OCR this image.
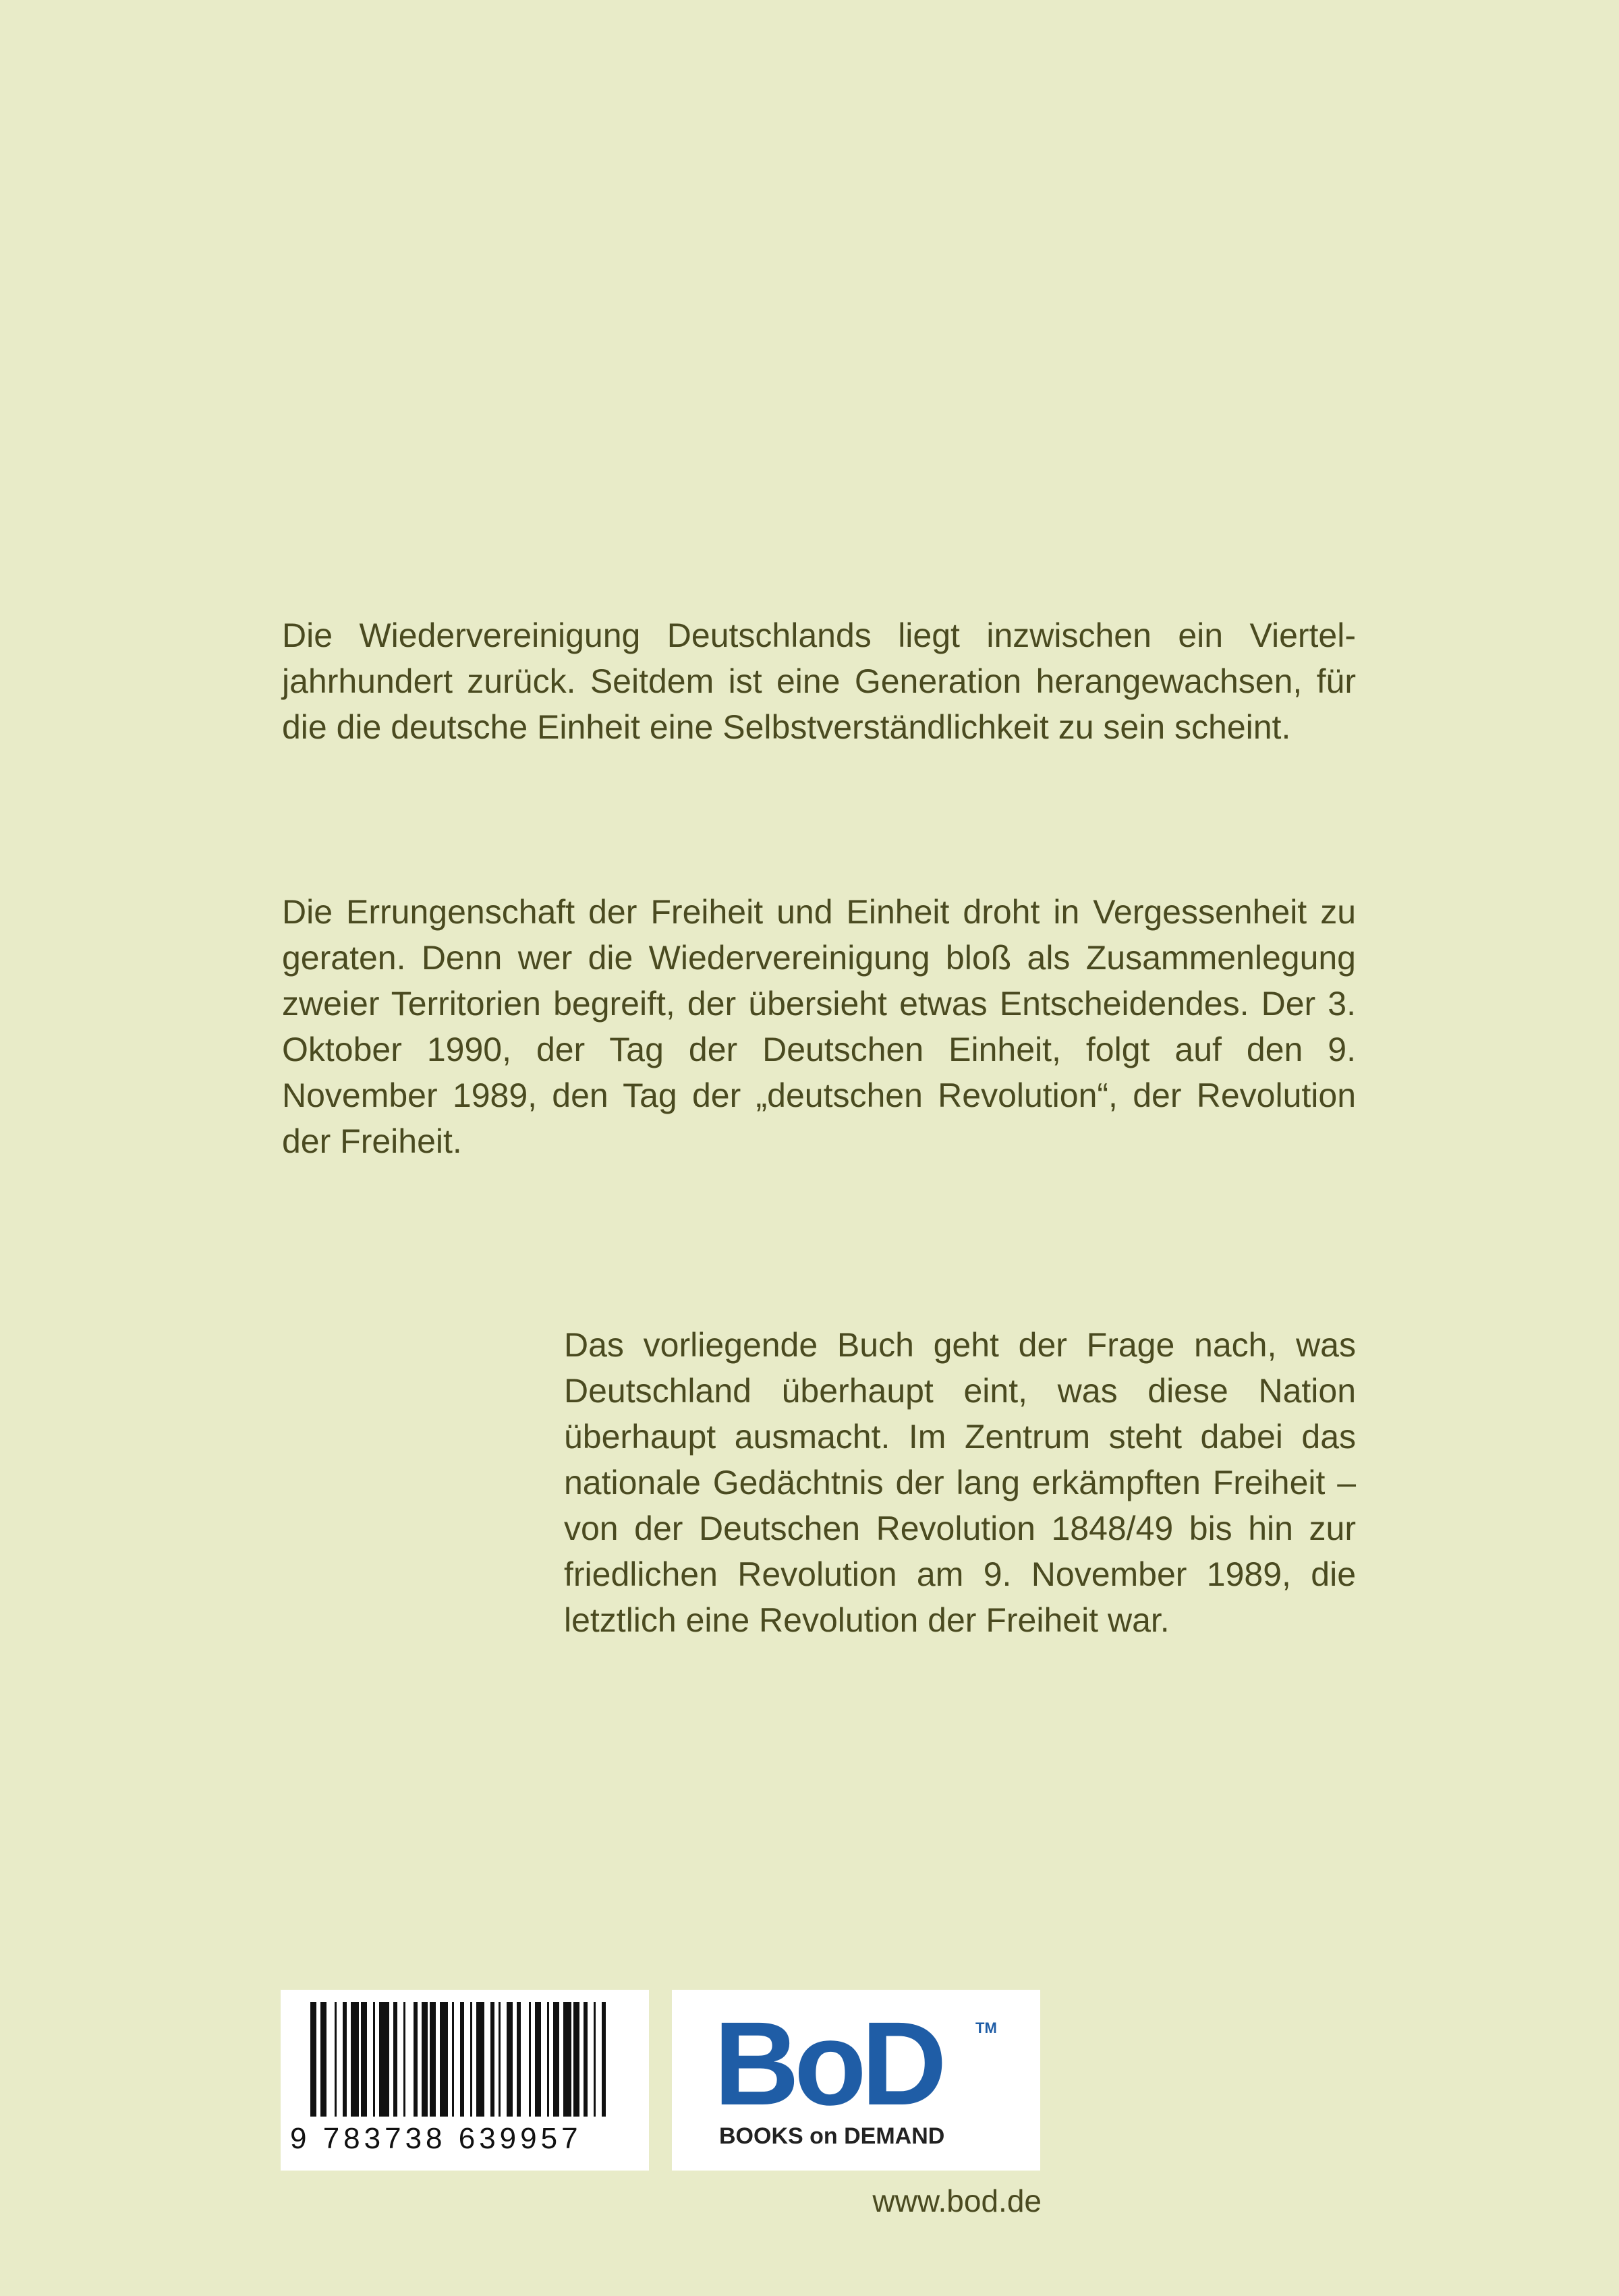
Die Wiedervereinigung Deutschlands liegt inzwischen ein Vierteljahrhundert zurück. Seitdem ist eine Generation herangewachsen, für die die deutsche Einheit eine Selbstverständlichkeit zu sein scheint.

Die Errungenschaft der Freiheit und Einheit droht in Vergessenheit zu geraten. Denn wer die Wiedervereinigung bloß als Zusammenlegung zweier Territorien begreift, der übersieht etwas Entscheidendes. Der 3. Oktober 1990, der Tag der Deutschen Einheit, folgt auf den 9. November 1989, den Tag der „deutschen Revolution“, der Revolution der Freiheit.

Das vorliegende Buch geht der Frage nach, was Deutschland überhaupt eint, was diese Nation überhaupt ausmacht. Im Zentrum steht dabei das nationale Gedächtnis der lang erkämpften Freiheit – von der Deutschen Revolution 1848/49 bis hin zur friedlichen Revolution am 9. November 1989, die letztlich eine Revolution der Freiheit war.

9 783738 639957
BoD TM
BOOKS on DEMAND
www.bod.de
